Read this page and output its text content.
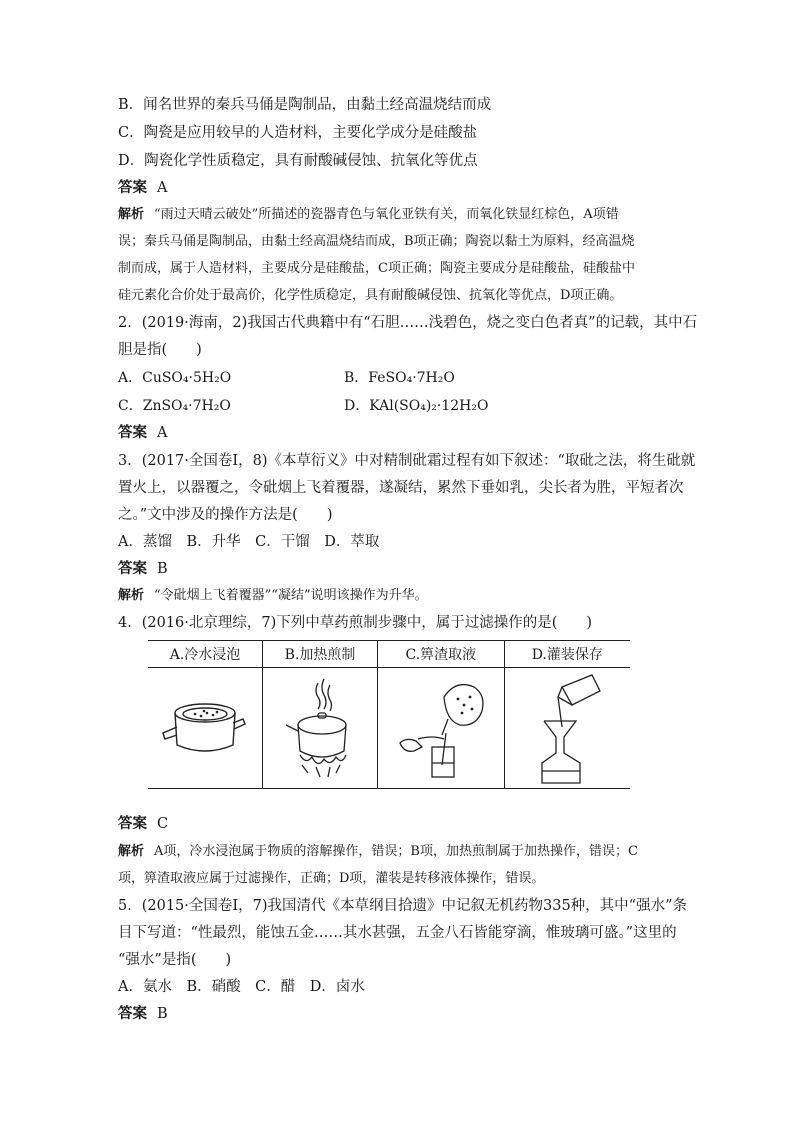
B．闻名世界的秦兵马俑是陶制品，由黏土经高温烧结而成
C．陶瓷是应用较早的人造材料，主要化学成分是硅酸盐
D．陶瓷化学性质稳定，具有耐酸碱侵蚀、抗氧化等优点
答案 A
解析 “雨过天晴云破处”所描述的瓷器青色与氧化亚铁有关，而氧化铁显红棕色，A项错
误；秦兵马俑是陶制品，由黏土经高温烧结而成，B项正确；陶瓷以黏土为原料，经高温烧
制而成，属于人造材料，主要成分是硅酸盐，C项正确；陶瓷主要成分是硅酸盐，硅酸盐中
硅元素化合价处于最高价，化学性质稳定，具有耐酸碱侵蚀、抗氧化等优点，D项正确。
2．(2019·海南，2)我国古代典籍中有“石胆……浅碧色，烧之变白色者真”的记载，其中石
胆是指(　　)
A．CuSO₄·5H₂O	B．FeSO₄·7H₂O
C．ZnSO₄·7H₂O	D．KAl(SO₄)₂·12H₂O
答案 A
3．(2017·全国卷Ⅰ，8)《本草衍义》中对精制砒霜过程有如下叙述：“取砒之法，将生砒就
置火上，以器覆之，令砒烟上飞着覆器，遂凝结，累然下垂如乳，尖长者为胜，平短者次
之。”文中涉及的操作方法是(　　)
A．蒸馏　B．升华　C．干馏　D．萃取
答案 B
解析 “令砒烟上飞着覆器”“凝结”说明该操作为升华。
4．(2016·北京理综，7)下列中草药煎制步骤中，属于过滤操作的是(　　)
A.冷水浸泡	B.加热煎制	C.箅渣取液	D.灌装保存

答案 C
解析 A项，冷水浸泡属于物质的溶解操作，错误；B项，加热煎制属于加热操作，错误；C
项，箅渣取液应属于过滤操作，正确；D项，灌装是转移液体操作，错误。
5．(2015·全国卷Ⅰ，7)我国清代《本草纲目拾遗》中记叙无机药物335种，其中“强水”条
目下写道：“性最烈，能蚀五金……其水甚强，五金八石皆能穿滴，惟玻璃可盛。”这里的
“强水”是指(　　)
A．氨水　B．硝酸　C．醋　D．卤水
答案 B
